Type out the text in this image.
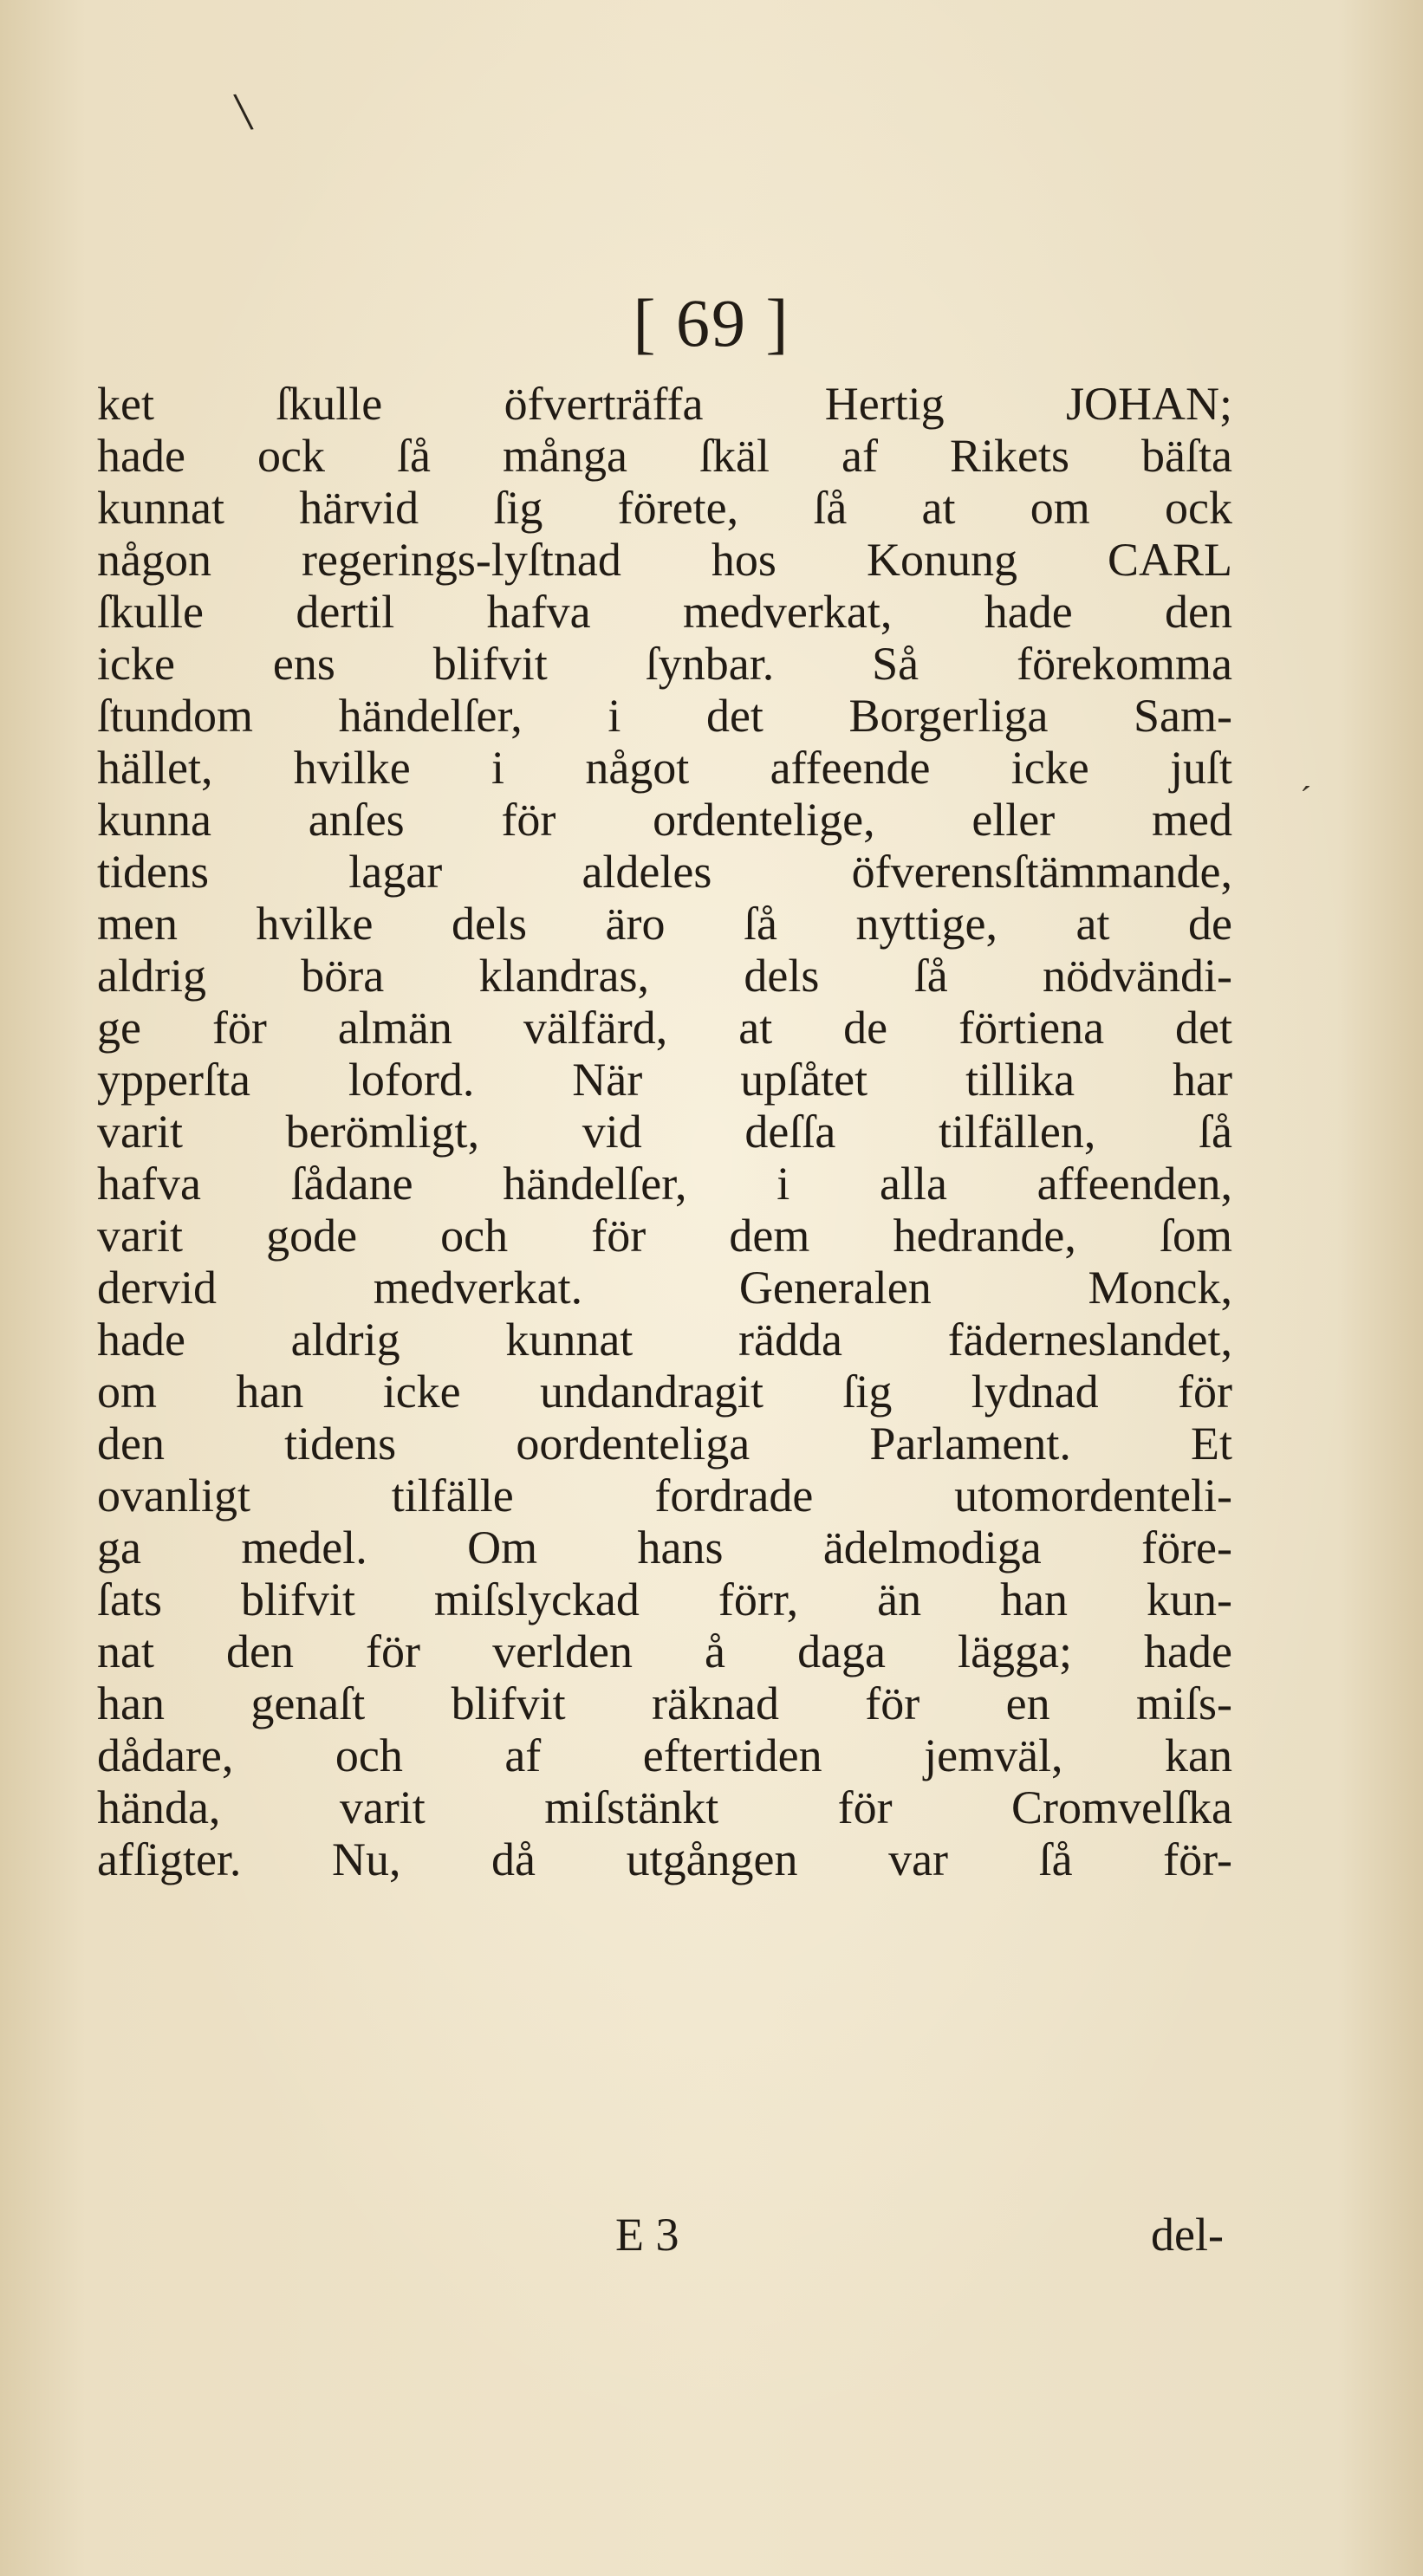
\
[ 69 ]
ˊ
ket ſkulle öfverträffa Hertig JOHAN;
hade ock ſå många ſkäl af Rikets bäſta
kunnat härvid ſig förete, ſå at om ock
någon regerings-lyſtnad hos Konung CARL
ſkulle dertil hafva medverkat, hade den
icke ens blifvit ſynbar. Så förekomma
ſtundom händelſer, i det Borgerliga Sam-
hället, hvilke i något affeende icke juſt
kunna anſes för ordentelige, eller med
tidens lagar aldeles öfverensſtämmande,
men hvilke dels äro ſå nyttige, at de
aldrig böra klandras, dels ſå nödvändi-
ge för almän välfärd, at de förtiena det
ypperſta loford. När upſåtet tillika har
varit berömligt, vid deſſa tilfällen, ſå
hafva ſådane händelſer, i alla affeenden,
varit gode och för dem hedrande, ſom
dervid medverkat. Generalen Monck,
hade aldrig kunnat rädda fäderneslandet,
om han icke undandragit ſig lydnad för
den tidens oordenteliga Parlament. Et
ovanligt tilfälle fordrade utomordenteli-
ga medel. Om hans ädelmodiga före-
ſats blifvit miſslyckad förr, än han kun-
nat den för verlden å daga lägga; hade
han genaſt blifvit räknad för en miſs-
dådare, och af eftertiden jemväl, kan
hända, varit miſstänkt för Cromvelſka
afſigter. Nu, då utgången var ſå för-
E 3	del-
